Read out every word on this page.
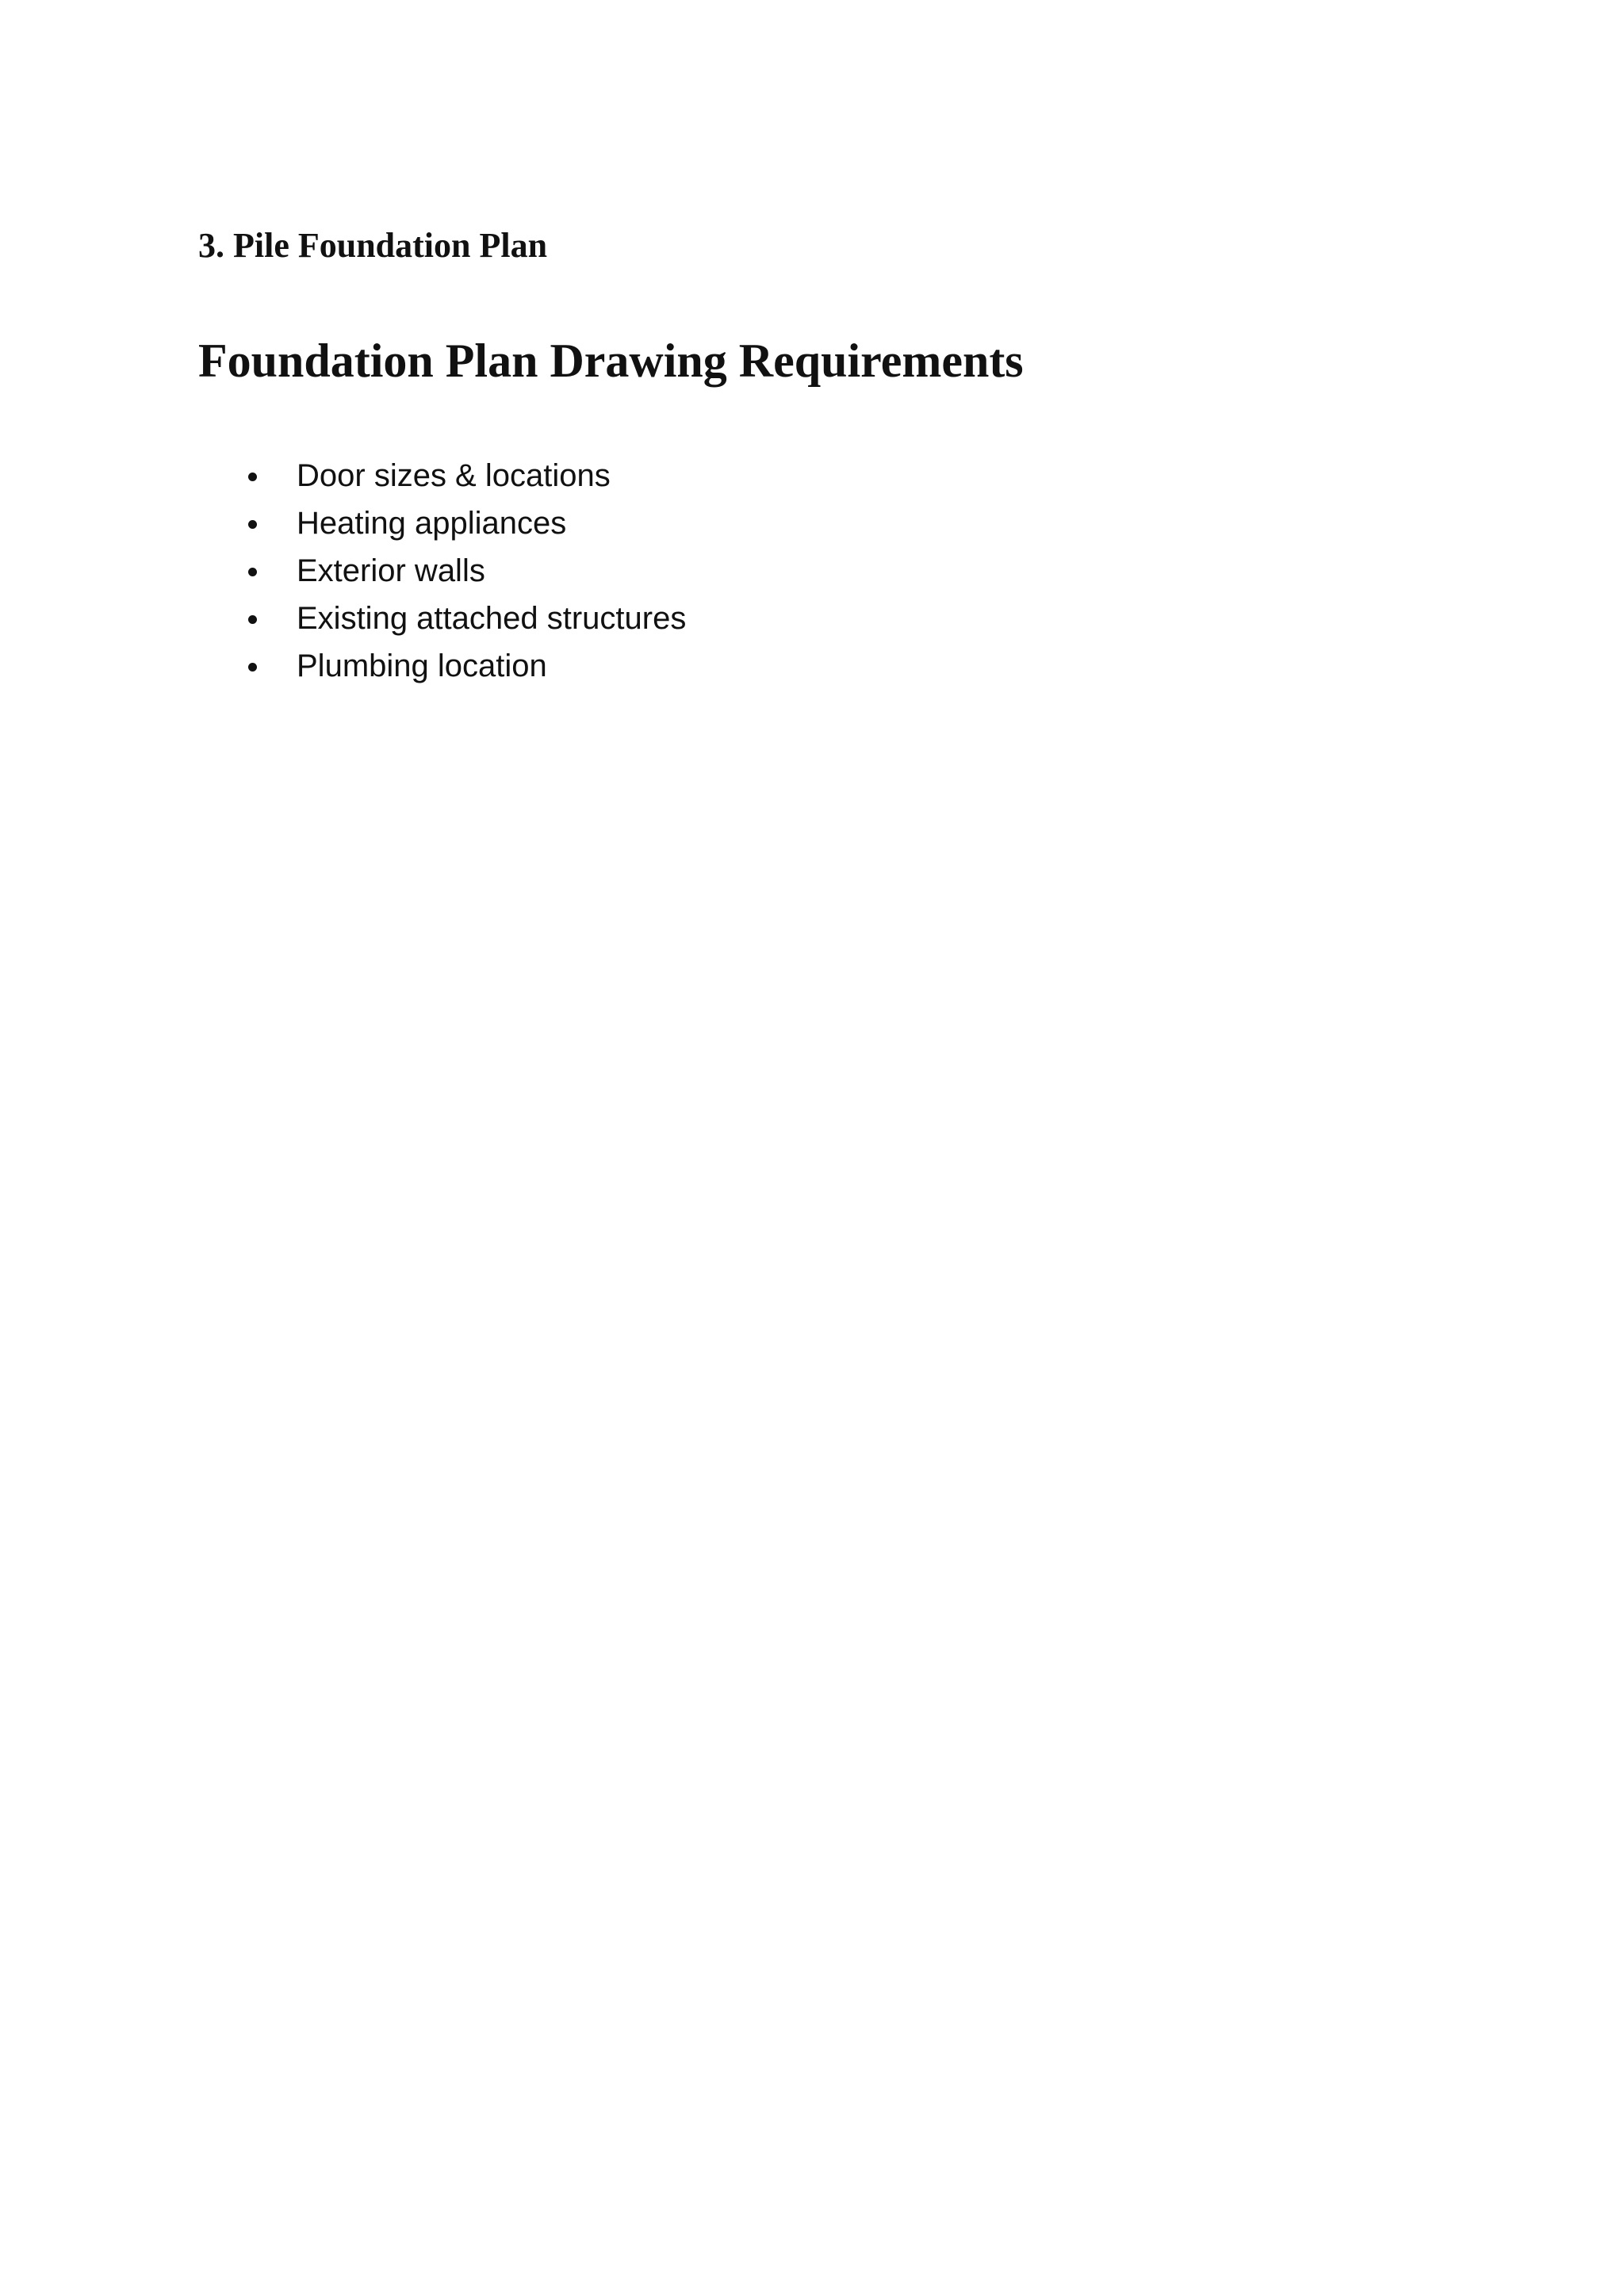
3. Pile Foundation Plan

Foundation Plan Drawing Requirements

Door sizes & locations
Heating appliances
Exterior walls
Existing attached structures
Plumbing location
